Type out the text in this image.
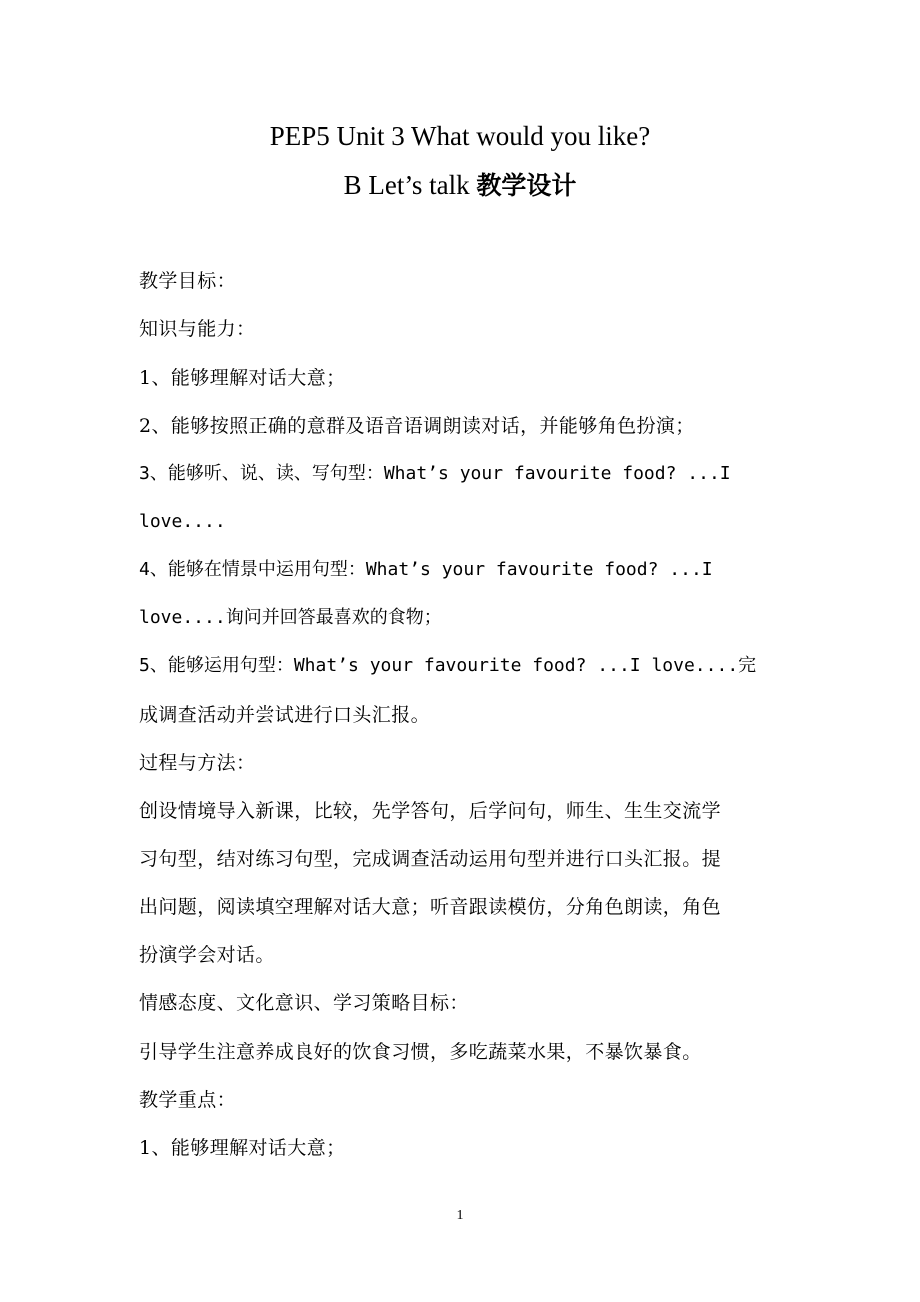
PEP5 Unit 3 What would you like?
B Let’s talk 教学设计
教学目标：
知识与能力：
1、能够理解对话大意；
2、能够按照正确的意群及语音语调朗读对话，并能够角色扮演；
3、能够听、说、读、写句型：What’s your favourite food? ...I
love....
4、能够在情景中运用句型：What’s your favourite food? ...I
love....询问并回答最喜欢的食物；
5、能够运用句型：What’s your favourite food? ...I love....完
成调查活动并尝试进行口头汇报。
过程与方法：
创设情境导入新课，比较，先学答句，后学问句，师生、生生交流学
习句型，结对练习句型，完成调查活动运用句型并进行口头汇报。提
出问题，阅读填空理解对话大意；听音跟读模仿，分角色朗读，角色
扮演学会对话。
情感态度、文化意识、学习策略目标：
引导学生注意养成良好的饮食习惯，多吃蔬菜水果，不暴饮暴食。
教学重点：
1、能够理解对话大意；
1
